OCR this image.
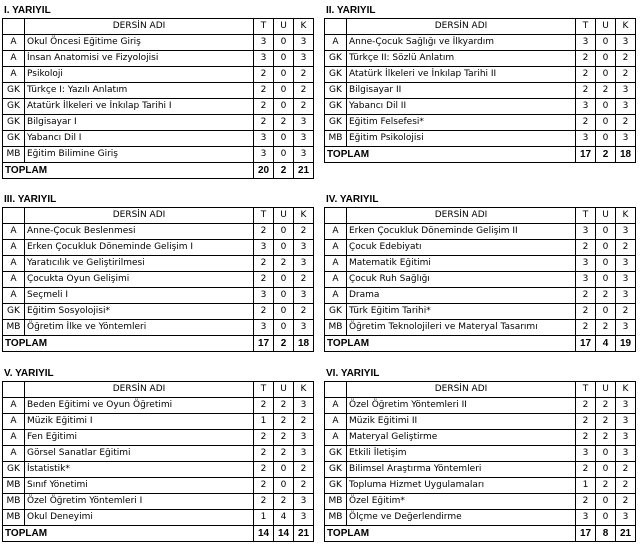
I. YARIYIL
	DERSİN ADI	T	U	K
A	Okul Öncesi Eğitime Giriş	3	0	3
A	İnsan Anatomisi ve Fizyolojisi	3	0	3
A	Psikoloji	2	0	2
GK	Türkçe I: Yazılı Anlatım	2	0	2
GK	Atatürk İlkeleri ve İnkılap Tarihi I	2	0	2
GK	Bilgisayar I	2	2	3
GK	Yabancı Dil I	3	0	3
MB	Eğitim Bilimine Giriş	3	0	3
TOPLAM		20	2	21
II. YARIYIL
	DERSİN ADI	T	U	K
A	Anne-Çocuk Sağlığı ve İlkyardım	3	0	3
GK	Türkçe II: Sözlü Anlatım	2	0	2
GK	Atatürk İlkeleri ve İnkılap Tarihi II	2	0	2
GK	Bilgisayar II	2	2	3
GK	Yabancı Dil II	3	0	3
GK	Eğitim Felsefesi*	2	0	2
MB	Eğitim Psikolojisi	3	0	3
TOPLAM		17	2	18
III. YARIYIL
	DERSİN ADI	T	U	K
A	Anne-Çocuk Beslenmesi	2	0	2
A	Erken Çocukluk Döneminde Gelişim I	3	0	3
A	Yaratıcılık ve Geliştirilmesi	2	2	3
A	Çocukta Oyun Gelişimi	2	0	2
A	Seçmeli I	3	0	3
GK	Eğitim Sosyolojisi*	2	0	2
MB	Öğretim İlke ve Yöntemleri	3	0	3
TOPLAM		17	2	18
IV. YARIYIL
	DERSİN ADI	T	U	K
A	Erken Çocukluk Döneminde Gelişim II	3	0	3
A	Çocuk Edebiyatı	2	0	2
A	Matematik Eğitimi	3	0	3
A	Çocuk Ruh Sağlığı	3	0	3
A	Drama	2	2	3
GK	Türk Eğitim Tarihi*	2	0	2
MB	Öğretim Teknolojileri ve Materyal Tasarımı	2	2	3
TOPLAM		17	4	19
V. YARIYIL
	DERSİN ADI	T	U	K
A	Beden Eğitimi ve Oyun Öğretimi	2	2	3
A	Müzik Eğitimi I	1	2	2
A	Fen Eğitimi	2	2	3
A	Görsel Sanatlar Eğitimi	2	2	3
GK	İstatistik*	2	0	2
MB	Sınıf Yönetimi	2	0	2
MB	Özel Öğretim Yöntemleri I	2	2	3
MB	Okul Deneyimi	1	4	3
TOPLAM		14	14	21
VI. YARIYIL
	DERSİN ADI	T	U	K
A	Özel Öğretim Yöntemleri II	2	2	3
A	Müzik Eğitimi II	2	2	3
A	Materyal Geliştirme	2	2	3
GK	Etkili İletişim	3	0	3
GK	Bilimsel Araştırma Yöntemleri	2	0	2
GK	Topluma Hizmet Uygulamaları	1	2	2
MB	Özel Eğitim*	2	0	2
MB	Ölçme ve Değerlendirme	3	0	3
TOPLAM		17	8	21
